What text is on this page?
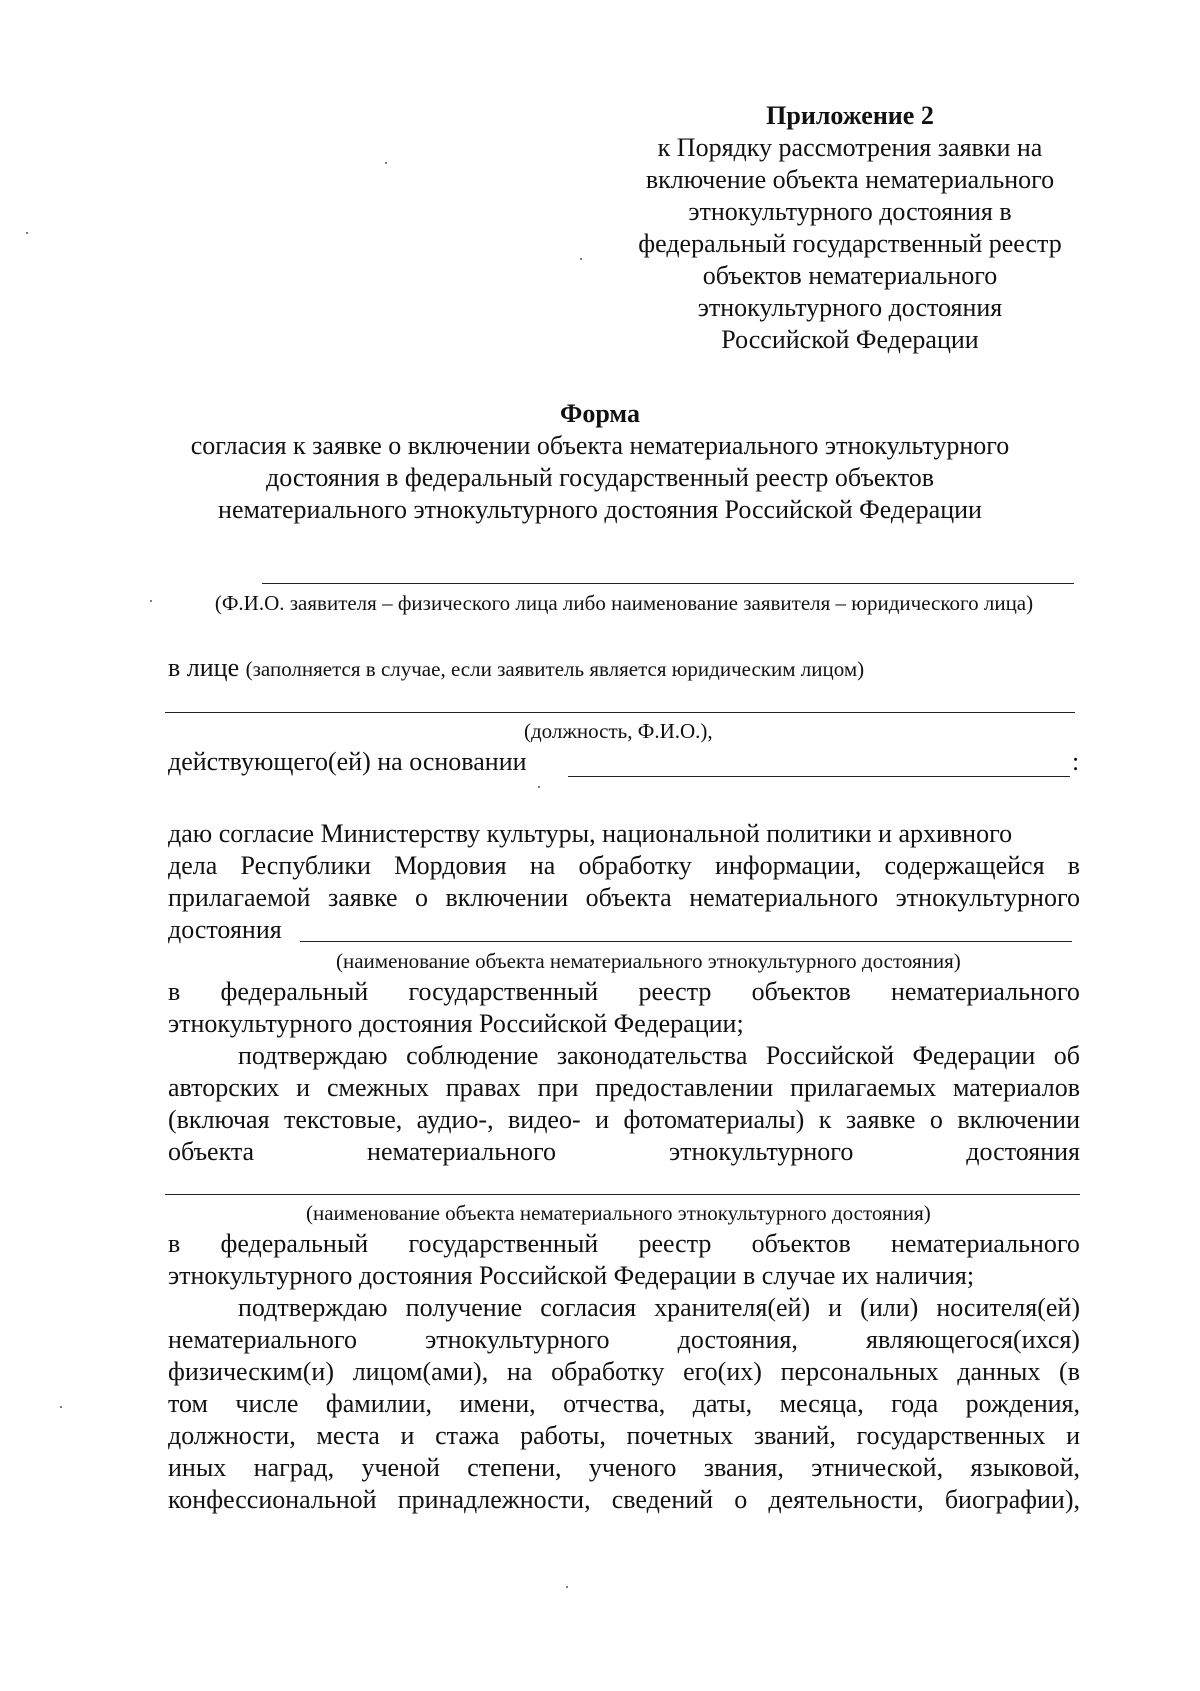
Приложение 2
к Порядку рассмотрения заявки на
включение объекта нематериального
этнокультурного достояния в
федеральный государственный реестр
объектов нематериального
этнокультурного достояния
Российской Федерации
Форма
согласия к заявке о включении объекта нематериального этнокультурного
достояния в федеральный государственный реестр объектов
нематериального этнокультурного достояния Российской Федерации
(Ф.И.О. заявителя – физического лица либо наименование заявителя – юридического лица)
в лице (заполняется в случае, если заявитель является юридическим лицом)
(должность, Ф.И.О.),
действующего(ей) на основании	:
даю согласие Министерству культуры, национальной политики и архивного
дела Республики Мордовия на обработку информации, содержащейся в
прилагаемой заявке о включении объекта нематериального этнокультурного
достояния
(наименование объекта нематериального этнокультурного достояния)
в федеральный государственный реестр объектов нематериального
этнокультурного достояния Российской Федерации;
подтверждаю соблюдение законодательства Российской Федерации об
авторских и смежных правах при предоставлении прилагаемых материалов
(включая текстовые, аудио-, видео- и фотоматериалы) к заявке о включении
объекта	нематериального	этнокультурного	достояния
(наименование объекта нематериального этнокультурного достояния)
в федеральный государственный реестр объектов нематериального
этнокультурного достояния Российской Федерации в случае их наличия;
подтверждаю получение согласия хранителя(ей) и (или) носителя(ей)
нематериального	этнокультурного	достояния,	являющегося(ихся)
физическим(и) лицом(ами), на обработку его(их) персональных данных (в
том числе фамилии, имени, отчества, даты, месяца, года рождения,
должности, места и стажа работы, почетных званий, государственных и
иных наград, ученой степени, ученого звания, этнической, языковой,
конфессиональной принадлежности, сведений о деятельности, биографии),
